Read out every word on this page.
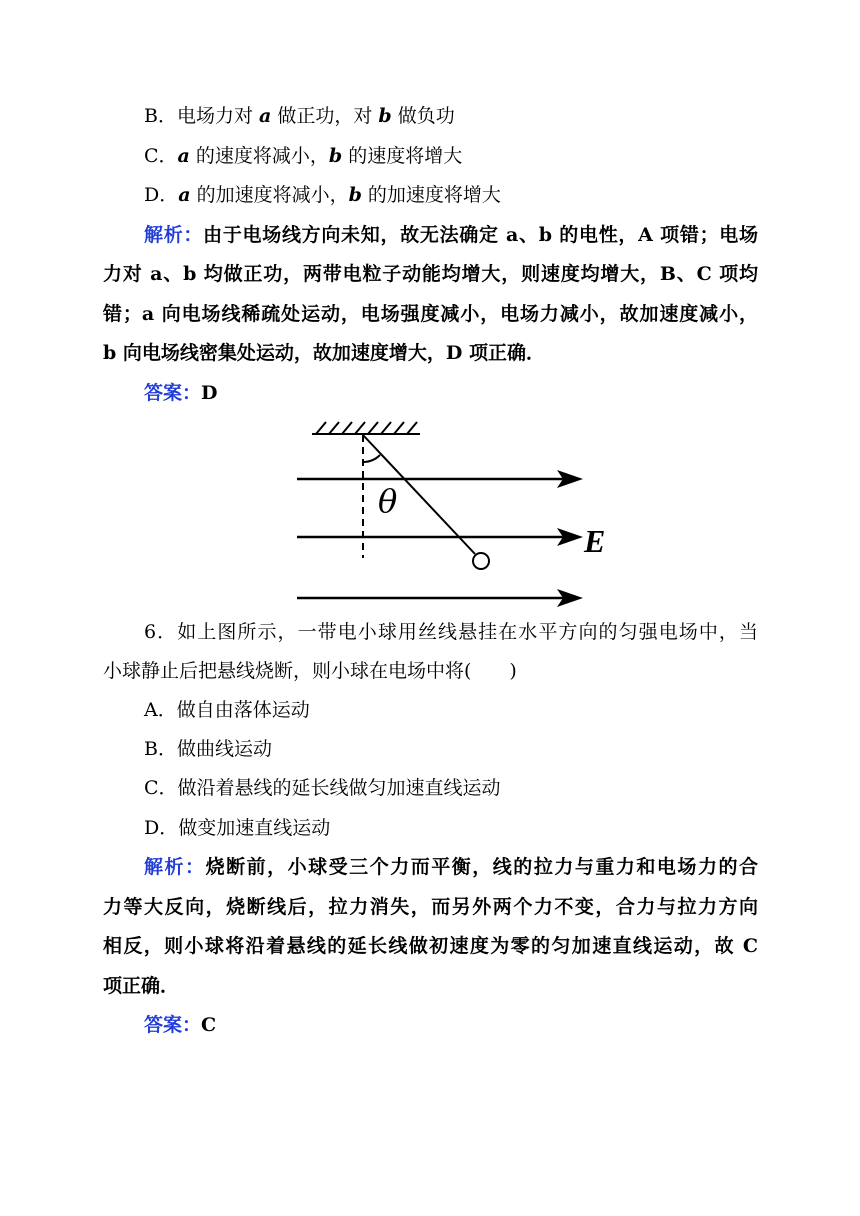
B．电场力对 a 做正功，对 b 做负功
C．a 的速度将减小，b 的速度将增大
D．a 的加速度将减小，b 的加速度将增大
解析：由于电场线方向未知，故无法确定 a、b 的电性，A 项错；电场
力对 a、b 均做正功，两带电粒子动能均增大，则速度均增大，B、C 项均
错；a 向电场线稀疏处运动，电场强度减小，电场力减小，故加速度减小，
b 向电场线密集处运动，故加速度增大，D 项正确．
答案：D
θ
E
6．如上图所示，一带电小球用丝线悬挂在水平方向的匀强电场中，当
小球静止后把悬线烧断，则小球在电场中将(　　)
A．做自由落体运动
B．做曲线运动
C．做沿着悬线的延长线做匀加速直线运动
D．做变加速直线运动
解析：烧断前，小球受三个力而平衡，线的拉力与重力和电场力的合
力等大反向，烧断线后，拉力消失，而另外两个力不变，合力与拉力方向
相反，则小球将沿着悬线的延长线做初速度为零的匀加速直线运动，故 C
项正确．
答案：C
